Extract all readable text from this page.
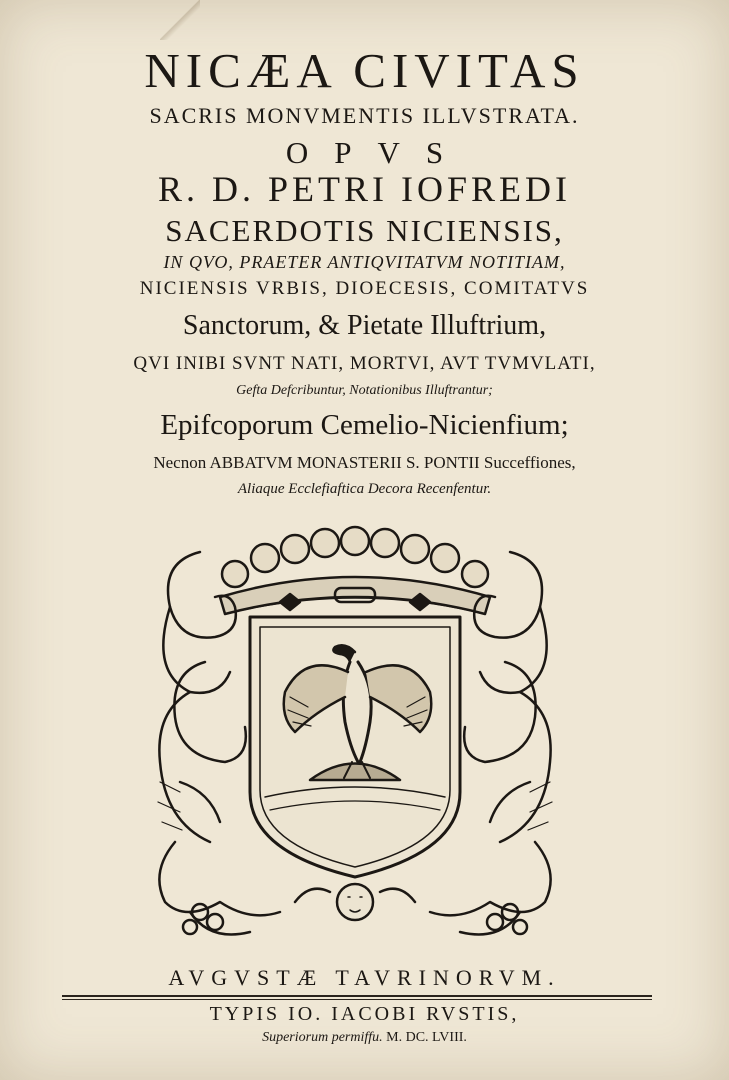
NICÆA CIVITAS
SACRIS MONVMENTIS ILLVSTRATA.
OPVS
R. D. PETRI IOFREDI
SACERDOTIS NICIENSIS,
IN QVO, PRAETER ANTIQVITATVM NOTITIAM,
NICIENSIS VRBIS, DIOECESIS, COMITATVS
Sanctorum, & Pietate Illuftrium,
QVI INIBI SVNT NATI, MORTVI, AVT TVMVLATI,
Gefta Defcribuntur, Notationibus Illuftrantur;
Epifcoporum Cemelio-Nicienfium;
Necnon ABBATVM MONASTERII S. PONTII Succeffiones,
Aliaque Ecclefiaftica Decora Recenfentur.
AVGVSTÆ TAVRINORVM.
TYPIS IO. IACOBI RVSTIS,
Superiorum permiffu. M. DC. LVIII.
